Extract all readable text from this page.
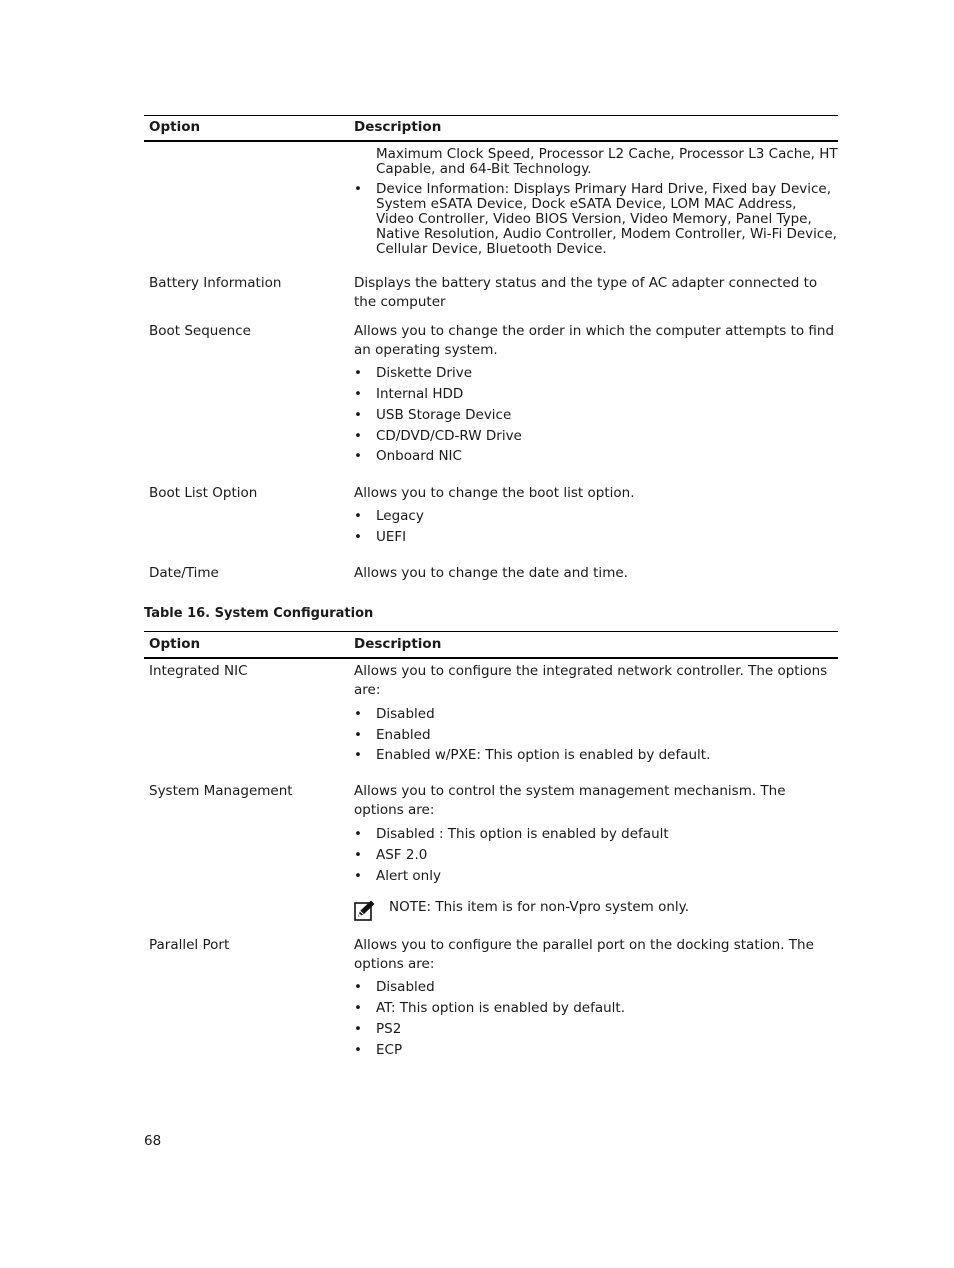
Option	Description
Maximum Clock Speed, Processor L2 Cache, Processor L3 Cache, HT Capable, and 64-Bit Technology.
• Device Information: Displays Primary Hard Drive, Fixed bay Device, System eSATA Device, Dock eSATA Device, LOM MAC Address, Video Controller, Video BIOS Version, Video Memory, Panel Type, Native Resolution, Audio Controller, Modem Controller, Wi-Fi Device, Cellular Device, Bluetooth Device.
Battery Information	Displays the battery status and the type of AC adapter connected to the computer

Boot Sequence	Allows you to change the order in which the computer attempts to find an operating system.

• Diskette Drive
• Internal HDD
• USB Storage Device
• CD/DVD/CD-RW Drive
• Onboard NIC
Boot List Option	Allows you to change the boot list option.

• Legacy
• UEFI
Date/Time	Allows you to change the date and time.

Table 16. System Configuration
Option	Description
Integrated NIC	Allows you to configure the integrated network controller. The options are:

• Disabled
• Enabled
• Enabled w/PXE: This option is enabled by default.
System Management	Allows you to control the system management mechanism. The options are:

• Disabled : This option is enabled by default
• ASF 2.0
• Alert only
NOTE: This item is for non-Vpro system only.
Parallel Port	Allows you to configure the parallel port on the docking station. The options are:

• Disabled
• AT: This option is enabled by default.
• PS2
• ECP
68
